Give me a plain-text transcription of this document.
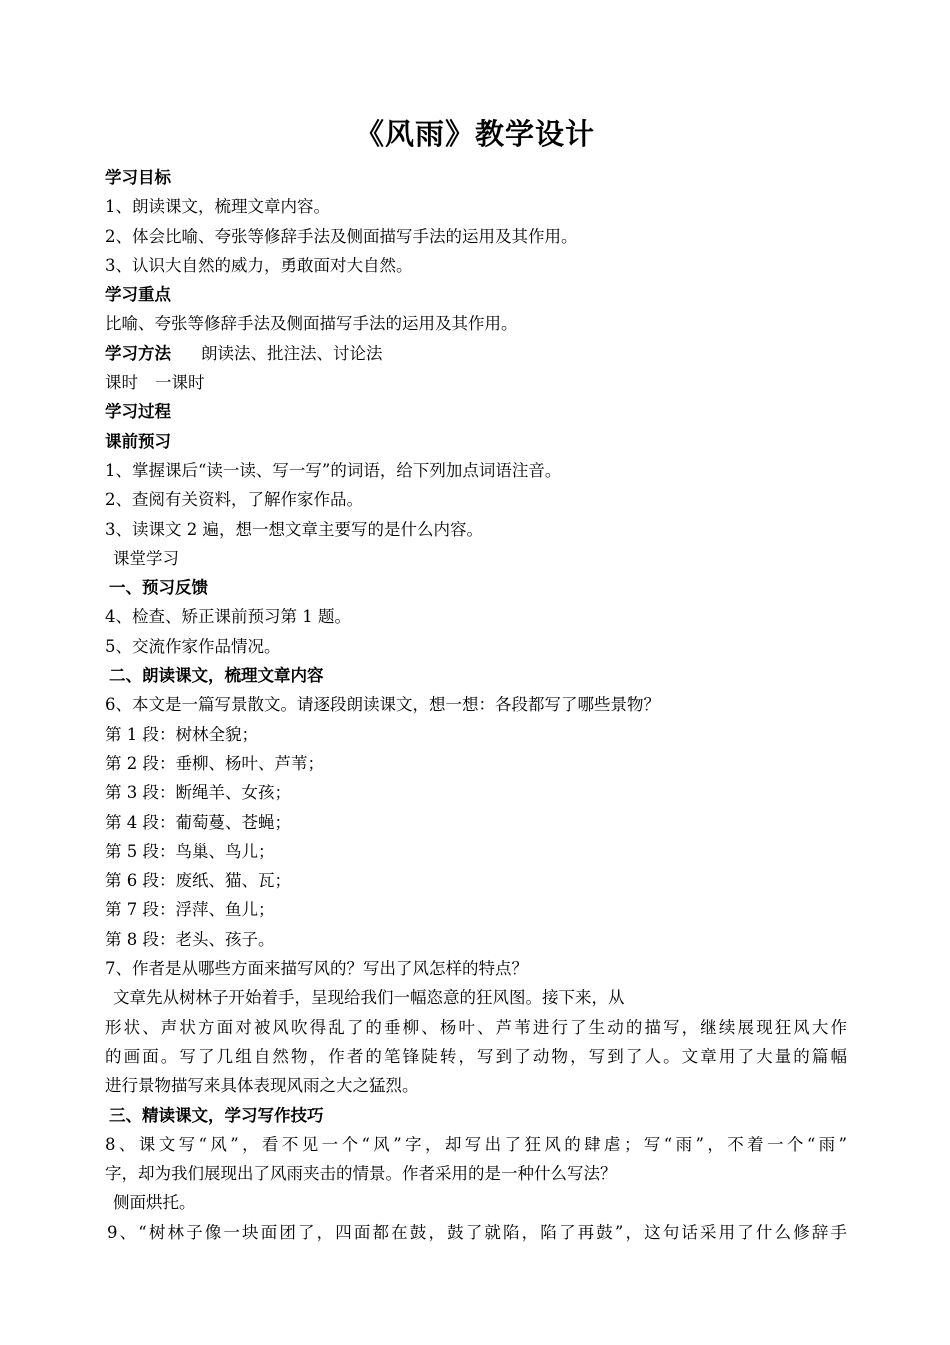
《风雨》教学设计

学习目标

1、朗读课文，梳理文章内容。

2、体会比喻、夸张等修辞手法及侧面描写手法的运用及其作用。

3、认识大自然的威力，勇敢面对大自然。

学习重点

比喻、夸张等修辞手法及侧面描写手法的运用及其作用。

学习方法 朗读法、批注法、讨论法

课时 一课时

学习过程

课前预习

1、掌握课后“读一读、写一写”的词语，给下列加点词语注音。

2、查阅有关资料，了解作家作品。

3、读课文 2 遍，想一想文章主要写的是什么内容。

课堂学习

一、预习反馈

4、检查、矫正课前预习第 1 题。

5、交流作家作品情况。

二、朗读课文，梳理文章内容

6、本文是一篇写景散文。请逐段朗读课文，想一想：各段都写了哪些景物？

第 1 段：树林全貌；

第 2 段：垂柳、杨叶、芦苇；

第 3 段：断绳羊、女孩；

第 4 段：葡萄蔓、苍蝇；

第 5 段：鸟巢、鸟儿；

第 6 段：废纸、猫、瓦；

第 7 段：浮萍、鱼儿；

第 8 段：老头、孩子。

7、作者是从哪些方面来描写风的？写出了风怎样的特点？

文章先从树林子开始着手，呈现给我们一幅恣意的狂风图。接下来，从

形状、声状方面对被风吹得乱了的垂柳、杨叶、芦苇进行了生动的描写，继续展现狂风大作

的画面。写了几组自然物，作者的笔锋陡转，写到了动物，写到了人。文章用了大量的篇幅

进行景物描写来具体表现风雨之大之猛烈。

三、精读课文，学习写作技巧

8、课文写“风”，看不见一个“风”字，却写出了狂风的肆虐；写“雨”，不着一个“雨”

字，却为我们展现出了风雨夹击的情景。作者采用的是一种什么写法？

侧面烘托。

9、“树林子像一块面团了，四面都在鼓，鼓了就陷，陷了再鼓”，这句话采用了什么修辞手
